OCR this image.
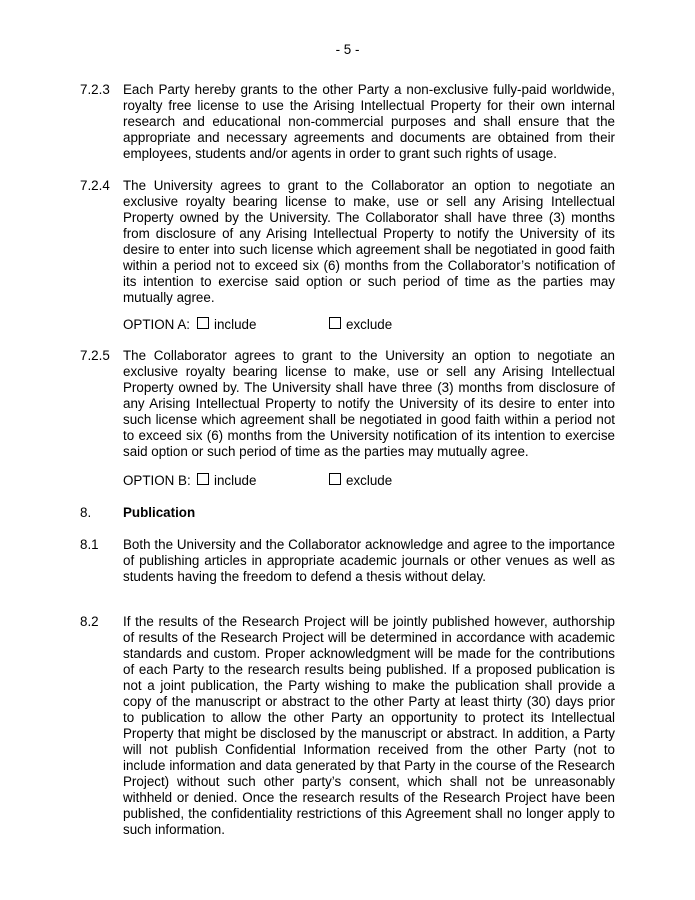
- 5 -
7.2.3 Each Party hereby grants to the other Party a non-exclusive fully-paid worldwide, royalty free license to use the Arising Intellectual Property for their own internal research and educational non-commercial purposes and shall ensure that the appropriate and necessary agreements and documents are obtained from their employees, students and/or agents in order to grant such rights of usage.
7.2.4 The University agrees to grant to the Collaborator an option to negotiate an exclusive royalty bearing license to make, use or sell any Arising Intellectual Property owned by the University. The Collaborator shall have three (3) months from disclosure of any Arising Intellectual Property to notify the University of its desire to enter into such license which agreement shall be negotiated in good faith within a period not to exceed six (6) months from the Collaborator’s notification of its intention to exercise said option or such period of time as the parties may mutually agree.
OPTION A: include	exclude
7.2.5 The Collaborator agrees to grant to the University an option to negotiate an exclusive royalty bearing license to make, use or sell any Arising Intellectual Property owned by. The University shall have three (3) months from disclosure of any Arising Intellectual Property to notify the University of its desire to enter into such license which agreement shall be negotiated in good faith within a period not to exceed six (6) months from the University notification of its intention to exercise said option or such period of time as the parties may mutually agree.
OPTION B: include	exclude
8. Publication
8.1 Both the University and the Collaborator acknowledge and agree to the importance of publishing articles in appropriate academic journals or other venues as well as students having the freedom to defend a thesis without delay.
8.2 If the results of the Research Project will be jointly published however, authorship of results of the Research Project will be determined in accordance with academic standards and custom. Proper acknowledgment will be made for the contributions of each Party to the research results being published. If a proposed publication is not a joint publication, the Party wishing to make the publication shall provide a copy of the manuscript or abstract to the other Party at least thirty (30) days prior to publication to allow the other Party an opportunity to protect its Intellectual Property that might be disclosed by the manuscript or abstract. In addition, a Party will not publish Confidential Information received from the other Party (not to include information and data generated by that Party in the course of the Research Project) without such other party’s consent, which shall not be unreasonably withheld or denied. Once the research results of the Research Project have been published, the confidentiality restrictions of this Agreement shall no longer apply to such information.
